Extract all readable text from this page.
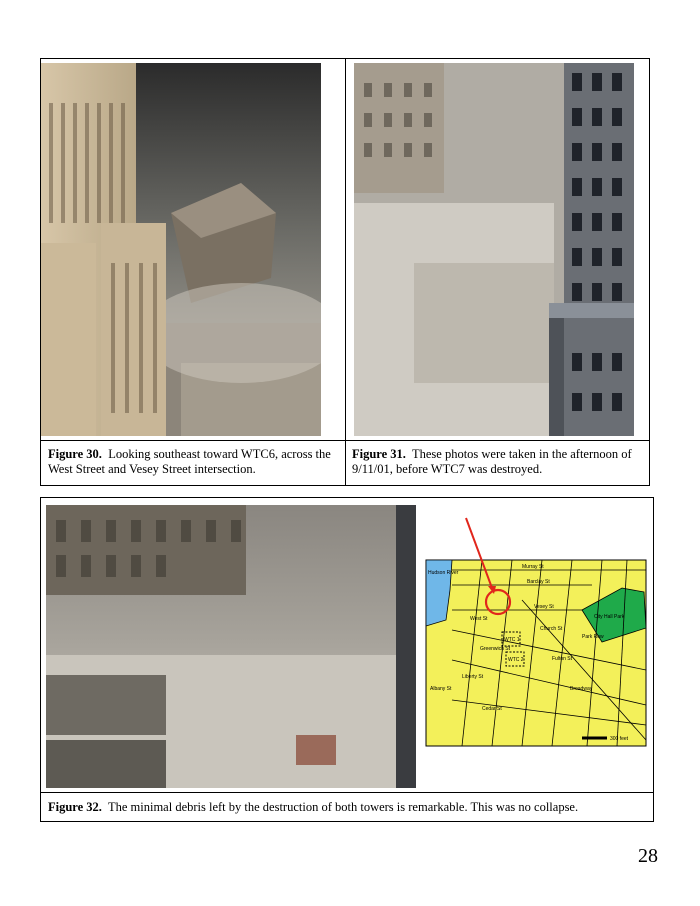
Figure 30. Looking southeast toward WTC6, across the West Street and Vesey Street intersection.
Figure 31. These photos were taken in the afternoon of 9/11/01, before WTC7 was destroyed.
Hudson River
City Hall Park
WTC 1
WTC 2
Murray St
Park Row
Barclay St
Vesey St
Fulton St
Liberty St
Church St
Broadway
West St
Albany St
Cedar St
Greenwich St
300 feet
Figure 32. The minimal debris left by the destruction of both towers is remarkable. This was no collapse.
28
